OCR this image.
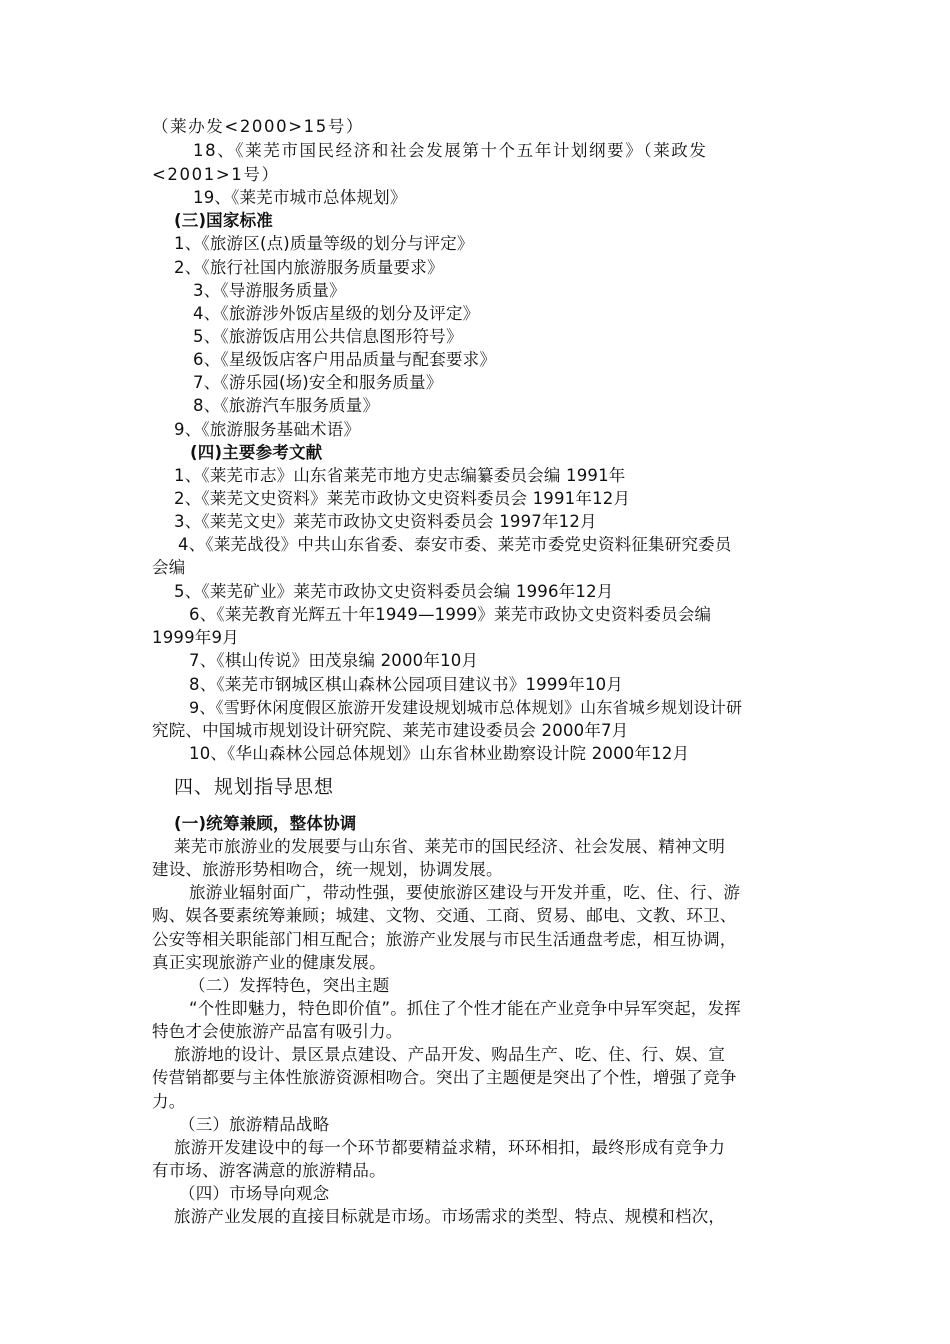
（莱办发<2000>15号）
18、《莱芜市国民经济和社会发展第十个五年计划纲要》（莱政发
<2001>1号）
19、《莱芜市城市总体规划》
(三)国家标准
1、《旅游区(点)质量等级的划分与评定》
2、《旅行社国内旅游服务质量要求》
3、《导游服务质量》
4、《旅游涉外饭店星级的划分及评定》
5、《旅游饭店用公共信息图形符号》
6、《星级饭店客户用品质量与配套要求》
7、《游乐园(场)安全和服务质量》
8、《旅游汽车服务质量》
9、《旅游服务基础术语》
(四)主要参考文献
1、《莱芜市志》山东省莱芜市地方史志编纂委员会编 1991年
2、《莱芜文史资料》莱芜市政协文史资料委员会 1991年12月
3、《莱芜文史》莱芜市政协文史资料委员会 1997年12月
4、《莱芜战役》中共山东省委、泰安市委、莱芜市委党史资料征集研究委员
会编
5、《莱芜矿业》莱芜市政协文史资料委员会编 1996年12月
6、《莱芜教育光辉五十年1949—1999》莱芜市政协文史资料委员会编
1999年9月
7、《棋山传说》田茂泉编 2000年10月
8、《莱芜市钢城区棋山森林公园项目建议书》1999年10月
9、《雪野休闲度假区旅游开发建设规划城市总体规划》山东省城乡规划设计研
究院、中国城市规划设计研究院、莱芜市建设委员会 2000年7月
10、《华山森林公园总体规划》山东省林业勘察设计院 2000年12月
四、规划指导思想
(一)统筹兼顾，整体协调
莱芜市旅游业的发展要与山东省、莱芜市的国民经济、社会发展、精神文明
建设、旅游形势相吻合，统一规划，协调发展。
旅游业辐射面广，带动性强，要使旅游区建设与开发并重，吃、住、行、游
购、娱各要素统筹兼顾；城建、文物、交通、工商、贸易、邮电、文教、环卫、
公安等相关职能部门相互配合；旅游产业发展与市民生活通盘考虑，相互协调，
真正实现旅游产业的健康发展。
（二）发挥特色，突出主题
“个性即魅力，特色即价值”。抓住了个性才能在产业竞争中异军突起，发挥
特色才会使旅游产品富有吸引力。
旅游地的设计、景区景点建设、产品开发、购品生产、吃、住、行、娱、宣
传营销都要与主体性旅游资源相吻合。突出了主题便是突出了个性，增强了竞争
力。
（三）旅游精品战略
旅游开发建设中的每一个环节都要精益求精，环环相扣，最终形成有竞争力
有市场、游客满意的旅游精品。
（四）市场导向观念
旅游产业发展的直接目标就是市场。市场需求的类型、特点、规模和档次，
